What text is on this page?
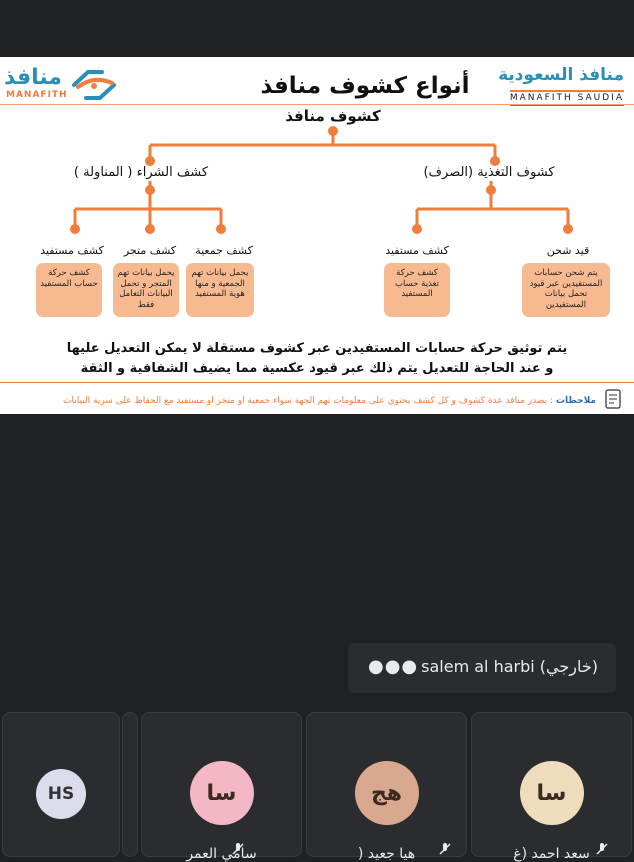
منافذ
MANAFITH
منافذ السعودية
MANAFITH SAUDIA
أنواع كشوف منافذ
كشوف منافذ
كشوف التغذية (الصرف)
كشف الشراء ( المناولة )
قيد شحن
كشف مستفيد
كشف جمعية
كشف متجر
كشف مستفيد
يتم شحن حسابات المستفيدين عبر قيود تحمل بيانات المستفيدين
كشف حركة تغذية حساب المستفيد
يحمل بيانات تهم الجمعية و منها هوية المستفيد
يحمل بيانات تهم المتجر و تحمل البيانات التعامل فقط
كشف حركة حساب المستفيد
يتم توثيق حركة حسابات المستفيدين عبر كشوف مستقلة لا يمكن التعديل عليها
و عند الحاجة للتعديل يتم ذلك عبر قيود عكسية مما يضيف الشفافية و الثقة
ملاحظات : يصدر منافذ عدة كشوف و كل كشف يحتوي على معلومات تهم الجهة سواء جمعية او متجر او مستفيد مع الحفاظ على سرية البيانات
●●● salem al harbi (خارجي)
سا
سعد احمد (غ
هج
هيا جعيد (
سا
سامي العمر
HS
